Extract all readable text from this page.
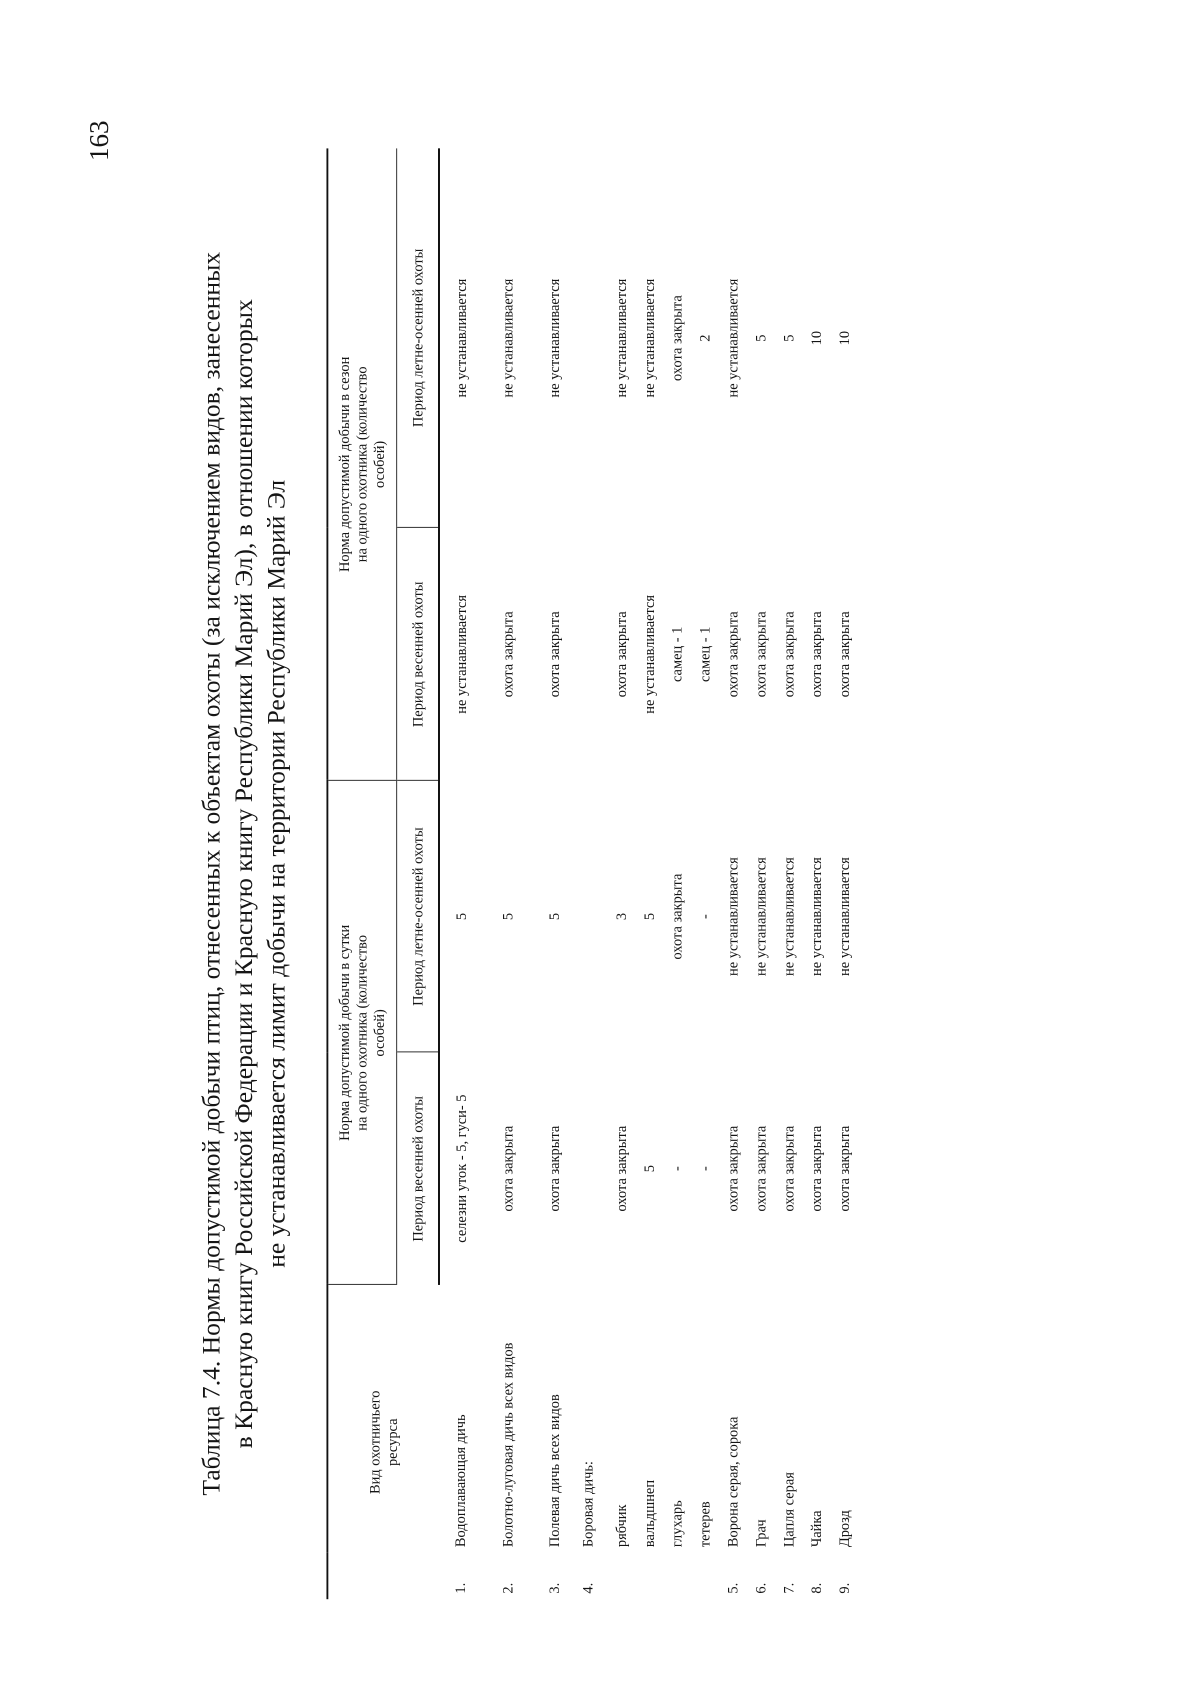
163
Таблица 7.4. Нормы допустимой добычи птиц, отнесенных к объектам охоты (за исключением видов, занесенных в Красную книгу Российской Федерации и Красную книгу Республики Марий Эл), в отношении которых не устанавливается лимит добычи на территории Республики Марий Эл
Вид охотничьего ресурса		Норма допустимой добычи в сутки на одного охотника (количество особей)		Норма допустимой добычи в сезон на одного охотника (количество особей)	

		Период весенней охоты	Период летне-осенней охоты	Период весенней охоты	Период летне-осенней охоты
1.	Водоплавающая дичь	селезни уток - 5, гуси- 5	5	не устанавливается	не устанавливается
2.	Болотно-луговая дичь всех видов	охота закрыта	5	охота закрыта	не устанавливается
3.	Полевая дичь всех видов	охота закрыта	5	охота закрыта	не устанавливается
4.	Боровая дичь:				
	рябчик	охота закрыта	3	охота закрыта	не устанавливается
	вальдшнеп	5	5	не устанавливается	не устанавливается
	глухарь	-	охота закрыта	самец - 1	охота закрыта
	тетерев	-	-	самец - 1	2
5.	Ворона серая, сорока	охота закрыта	не устанавливается	охота закрыта	не устанавливается
6.	Грач	охота закрыта	не устанавливается	охота закрыта	5
7.	Цапля серая	охота закрыта	не устанавливается	охота закрыта	5
8.	Чайка	охота закрыта	не устанавливается	охота закрыта	10
9.	Дрозд	охота закрыта	не устанавливается	охота закрыта	10
